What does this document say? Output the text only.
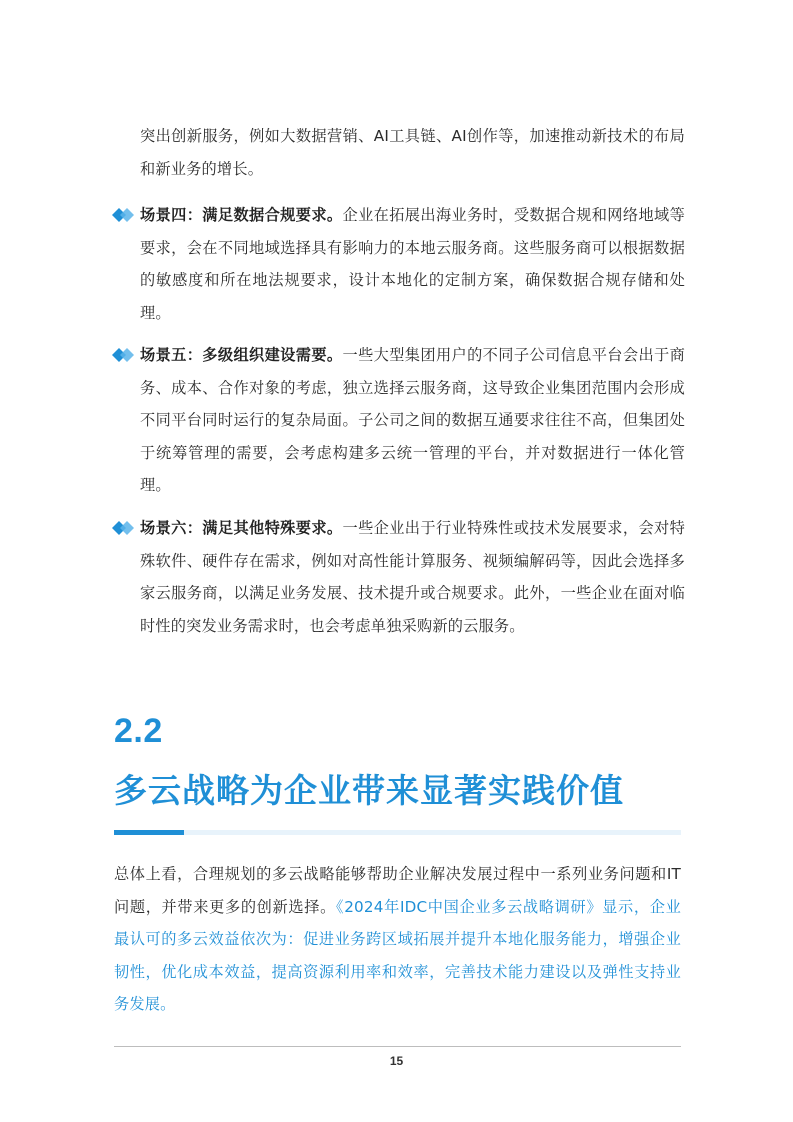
突出创新服务，例如大数据营销、AI工具链、AI创作等，加速推动新技术的布局和新业务的增长。

场景四：满足数据合规要求。企业在拓展出海业务时，受数据合规和网络地域等要求，会在不同地域选择具有影响力的本地云服务商。这些服务商可以根据数据的敏感度和所在地法规要求，设计本地化的定制方案，确保数据合规存储和处理。
场景五：多级组织建设需要。一些大型集团用户的不同子公司信息平台会出于商务、成本、合作对象的考虑，独立选择云服务商，这导致企业集团范围内会形成不同平台同时运行的复杂局面。子公司之间的数据互通要求往往不高，但集团处于统筹管理的需要，会考虑构建多云统一管理的平台，并对数据进行一体化管理。
场景六：满足其他特殊要求。一些企业出于行业特殊性或技术发展要求，会对特殊软件、硬件存在需求，例如对高性能计算服务、视频编解码等，因此会选择多家云服务商，以满足业务发展、技术提升或合规要求。此外，一些企业在面对临时性的突发业务需求时，也会考虑单独采购新的云服务。
2.2
多云战略为企业带来显著实践价值

总体上看，合理规划的多云战略能够帮助企业解决发展过程中一系列业务问题和IT问题，并带来更多的创新选择。《2024年IDC中国企业多云战略调研》显示，企业最认可的多云效益依次为：促进业务跨区域拓展并提升本地化服务能力，增强企业韧性，优化成本效益，提高资源利用率和效率，完善技术能力建设以及弹性支持业务发展。

15
